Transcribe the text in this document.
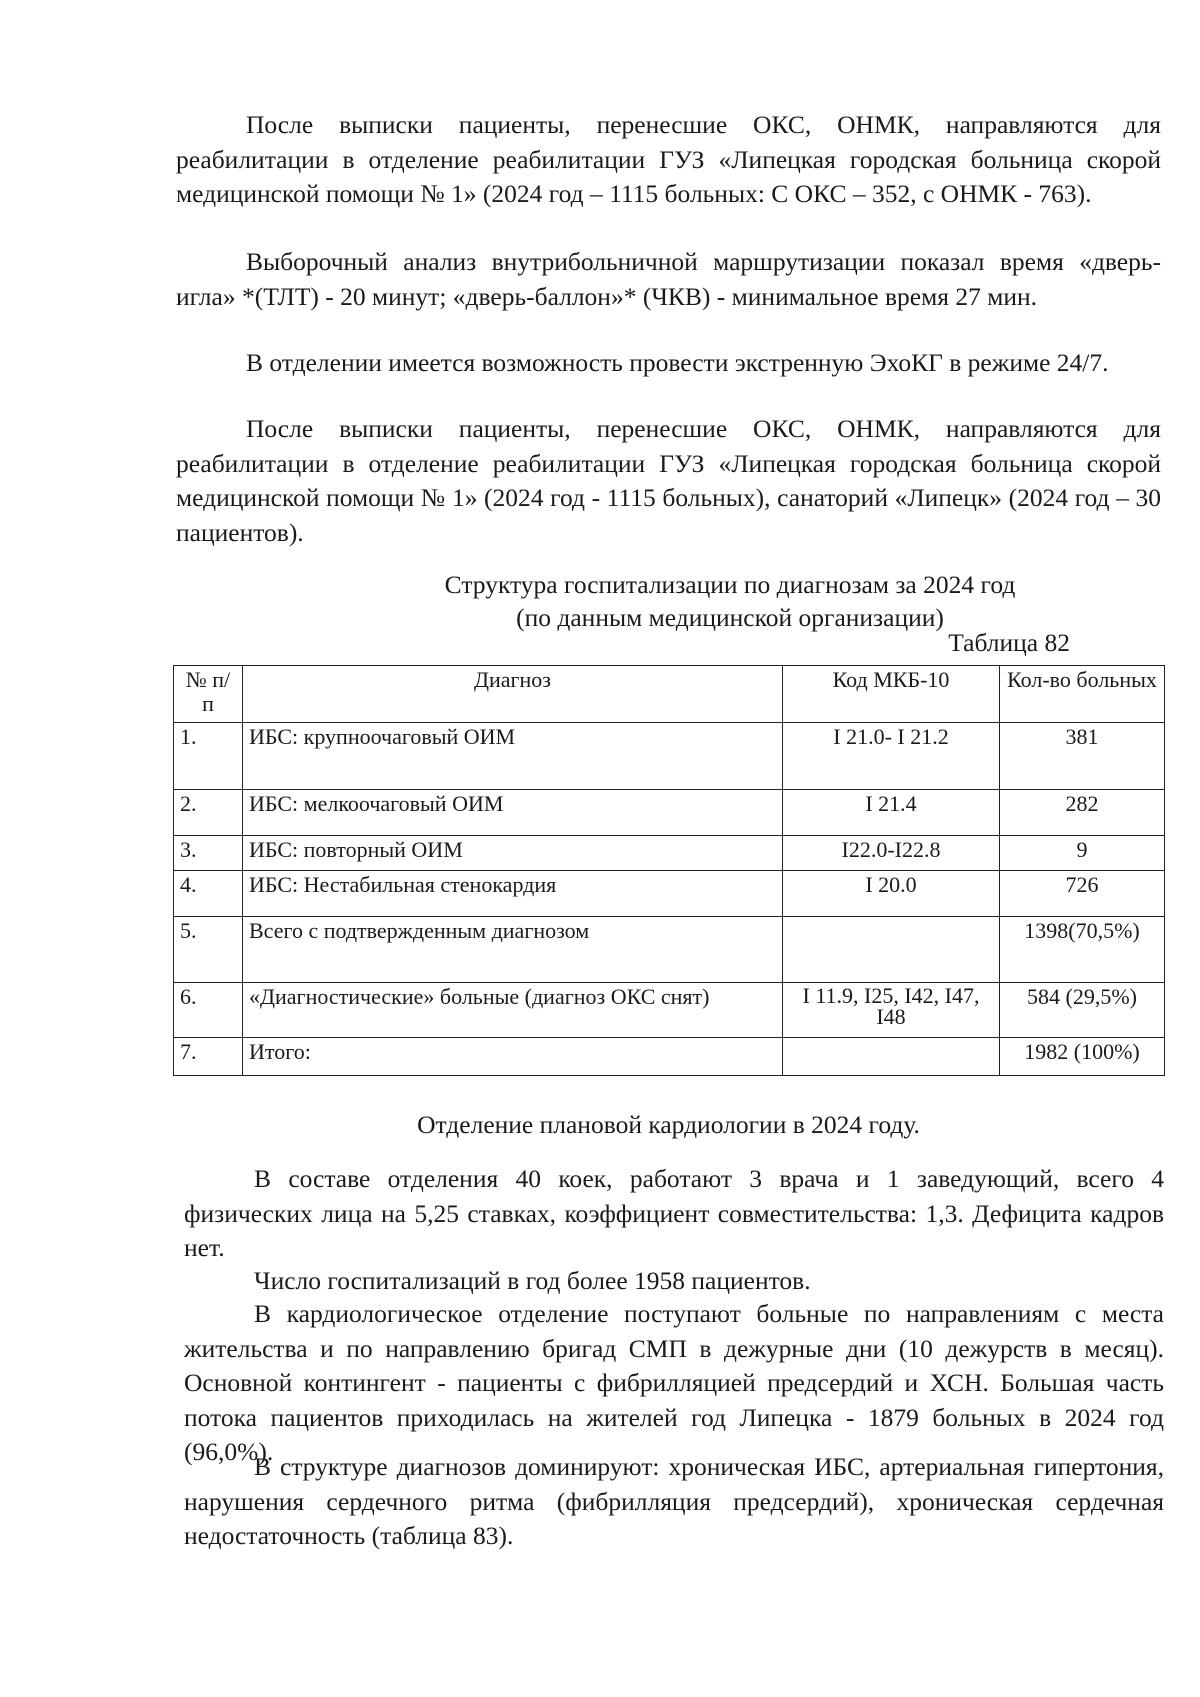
После выписки пациенты, перенесшие ОКС, ОНМК, направляются для реабилитации в отделение реабилитации ГУЗ «Липецкая городская больница скорой медицинской помощи № 1» (2024 год – 1115 больных: С ОКС – 352, с ОНМК - 763).

Выборочный анализ внутрибольничной маршрутизации показал время «дверь-игла» *(ТЛТ) - 20 минут; «дверь-баллон»* (ЧКВ) - минимальное время 27 мин.

В отделении имеется возможность провести экстренную ЭхоКГ в режиме 24/7.

После выписки пациенты, перенесшие ОКС, ОНМК, направляются для реабилитации в отделение реабилитации ГУЗ «Липецкая городская больница скорой медицинской помощи № 1» (2024 год - 1115 больных), санаторий «Липецк» (2024 год – 30 пациентов).

Структура госпитализации по диагнозам за 2024 год

(по данным медицинской организации)

Таблица 82
№ п/п	Диагноз	Код МКБ-10	Кол-во больных
1.	ИБС: крупноочаговый ОИМ	I 21.0- I 21.2	381
2.	ИБС: мелкоочаговый ОИМ	I 21.4	282
3.	ИБС: повторный ОИМ	I22.0-I22.8	9
4.	ИБС: Нестабильная стенокардия	I 20.0	726
5.	Всего с подтвержденным диагнозом		1398(70,5%)
6.	«Диагностические» больные (диагноз ОКС снят)	I 11.9, I25, I42, I47, I48	584 (29,5%)
7.	Итого:		1982 (100%)

Отделение плановой кардиологии в 2024 году.

В составе отделения 40 коек, работают 3 врача и 1 заведующий, всего 4 физических лица на 5,25 ставках, коэффициент совместительства: 1,3. Дефицита кадров нет.

Число госпитализаций в год более 1958 пациентов.

В кардиологическое отделение поступают больные по направлениям с места жительства и по направлению бригад СМП в дежурные дни (10 дежурств в месяц). Основной контингент - пациенты с фибрилляцией предсердий и ХСН. Большая часть потока пациентов приходилась на жителей год Липецка - 1879 больных в 2024 год (96,0%).

В структуре диагнозов доминируют: хроническая ИБС, артериальная гипертония, нарушения сердечного ритма (фибрилляция предсердий), хроническая сердечная недостаточность (таблица 83).
